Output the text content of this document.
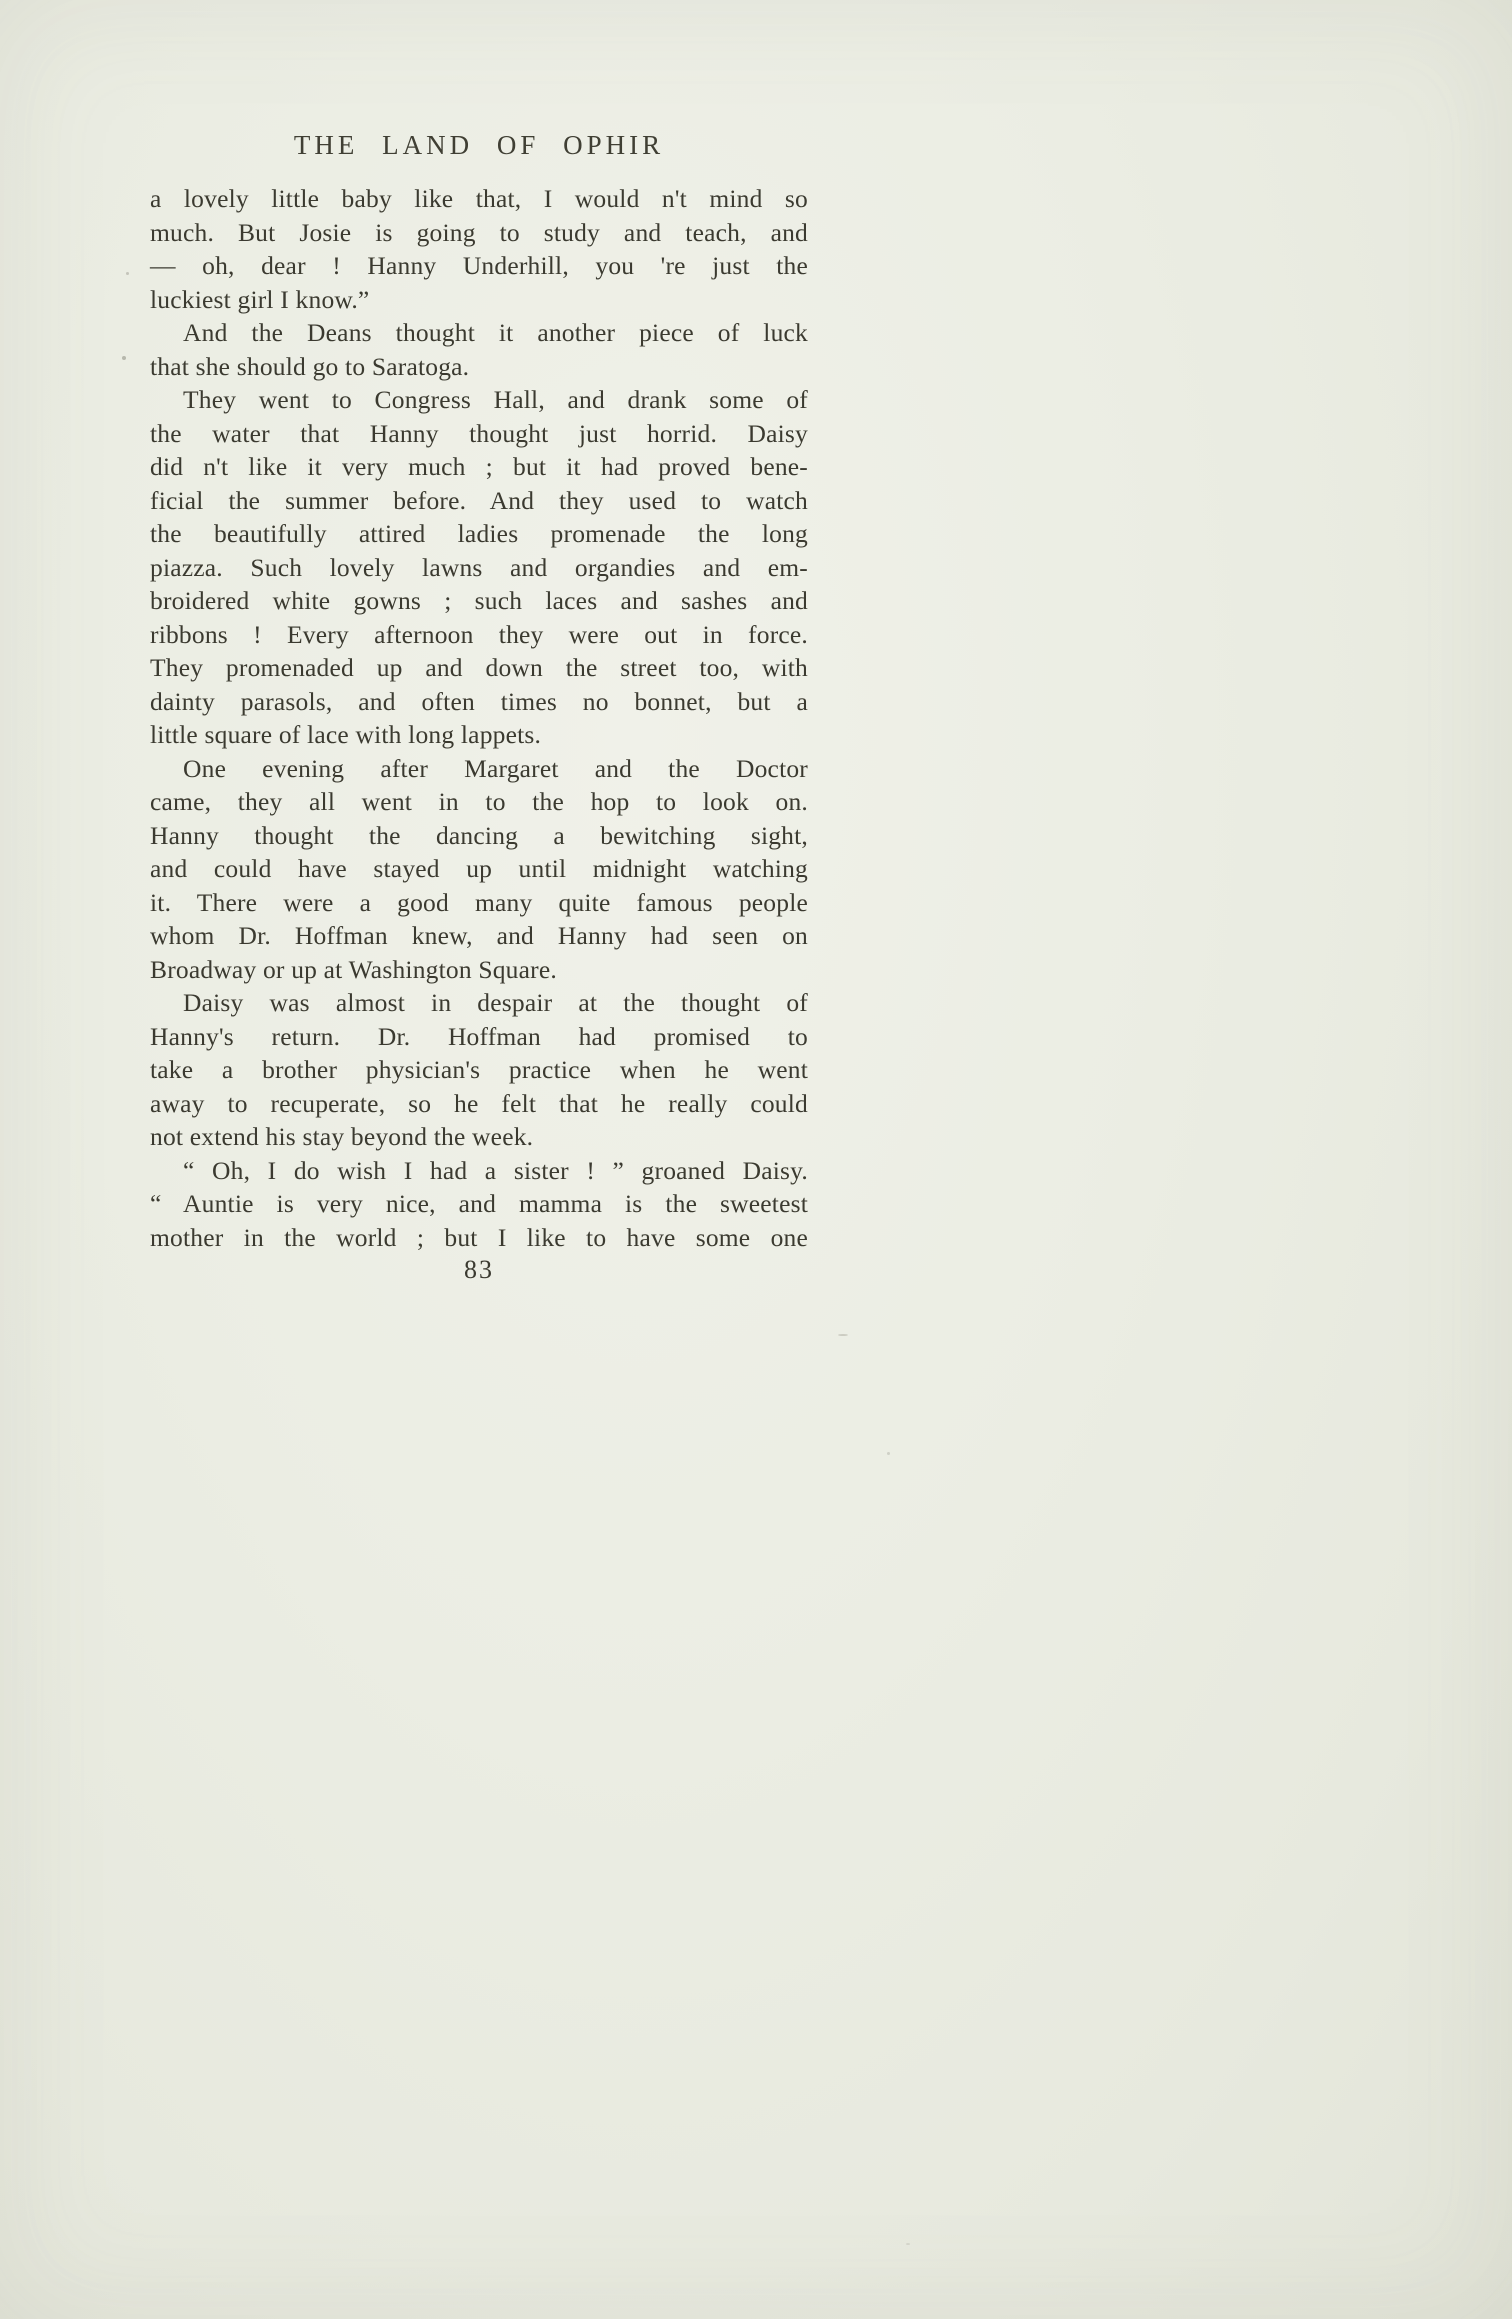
THE LAND OF OPHIR
a lovely little baby like that, I would n't mind so
much. But Josie is going to study and teach, and
— oh, dear ! Hanny Underhill, you 're just the
luckiest girl I know.”
And the Deans thought it another piece of luck
that she should go to Saratoga.
They went to Congress Hall, and drank some of
the water that Hanny thought just horrid. Daisy
did n't like it very much ; but it had proved bene-
ficial the summer before. And they used to watch
the beautifully attired ladies promenade the long
piazza. Such lovely lawns and organdies and em-
broidered white gowns ; such laces and sashes and
ribbons ! Every afternoon they were out in force.
They promenaded up and down the street too, with
dainty parasols, and often times no bonnet, but a
little square of lace with long lappets.
One evening after Margaret and the Doctor
came, they all went in to the hop to look on.
Hanny thought the dancing a bewitching sight,
and could have stayed up until midnight watching
it. There were a good many quite famous people
whom Dr. Hoffman knew, and Hanny had seen on
Broadway or up at Washington Square.
Daisy was almost in despair at the thought of
Hanny's return. Dr. Hoffman had promised to
take a brother physician's practice when he went
away to recuperate, so he felt that he really could
not extend his stay beyond the week.
“ Oh, I do wish I had a sister ! ” groaned Daisy.
“ Auntie is very nice, and mamma is the sweetest
mother in the world ; but I like to have some one
83
